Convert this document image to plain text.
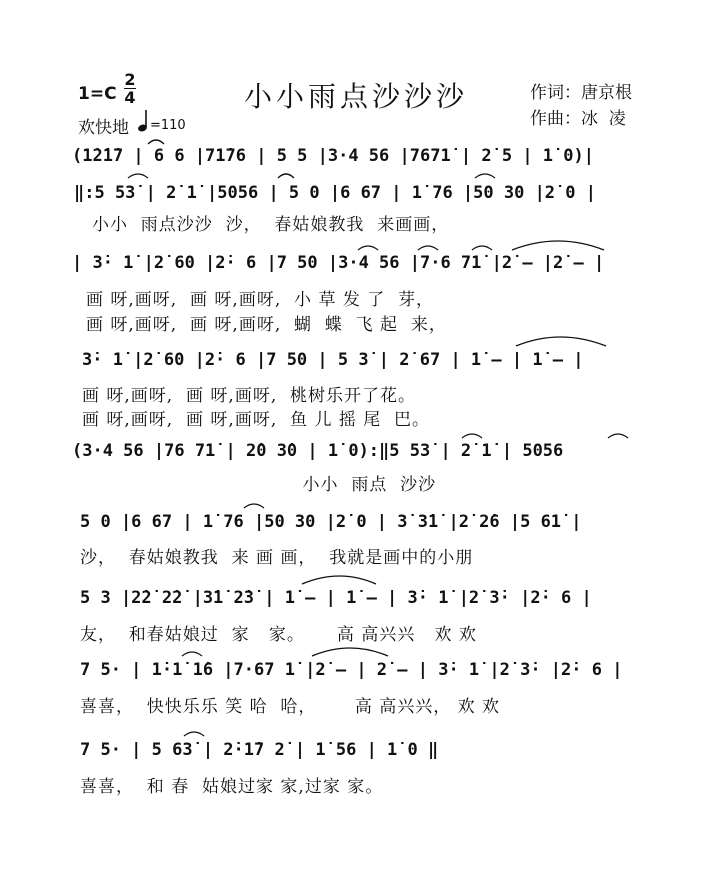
1=C
2
4
欢快地 =110
小小雨点沙沙沙	作词：唐京根
作曲：冰  凌
(1̇2̇1̇7 | 6 6 |71̇76 | 5 5 |3·4 56 |7671̇ | 2̇ 5 | 1̇ 0)|
‖:5 53̇ | 2̇ 1̇ |5056 | 5 0 |6 67 | 1̇ 76 |50 30 |2̇ 0 |
小小  雨点沙沙  沙，  春姑娘教我  来画画，
| 3̇· 1̇ |2̇ 60 |2̇· 6 |7 50 |3·4 56 |7·6 71̇ |2̇ – |2̇ – |
画 呀,画呀,  画 呀,画呀,  小 草 发 了  芽，
画 呀,画呀,  画 呀,画呀,  蝴  蝶  飞 起  来，
3̇· 1̇ |2̇ 60 |2̇· 6 |7 50 | 5 3̇ | 2̇ 67 | 1̇ – | 1̇ – |
画 呀,画呀,  画 呀,画呀,  桃树乐开了花。
画 呀,画呀,  画 呀,画呀,  鱼 儿 摇 尾  巴。
(3·4 56 |76 71̇ | 2̇0 3̇0 | 1̇ 0):‖5 53̇ | 2̇ 1̇ | 5056
小小  雨点  沙沙
5 0 |6 67 | 1̇ 76 |50 30 |2̇ 0 | 3̇ 3̇1̇ |2̇ 2̇6 |5 61̇ |
沙，  春姑娘教我  来 画 画，  我就是画中的小朋
5 3 |2̇2̇ 2̇2̇ |3̇1̇ 2̇3̇ | 1̇ – | 1̇ – | 3̇· 1̇ |2̇ 3̇· |2̇· 6 |
友，  和春姑娘过  家   家。     高 高兴兴   欢 欢
7 5· | 1̇·1̇ 1̇6 |7·67 1̇ |2̇ – | 2̇ – | 3̇· 1̇ |2̇ 3̇· |2̇· 6 |
喜喜，  快快乐乐 笑 哈  哈，      高 高兴兴， 欢 欢
7 5· | 5 63̇ | 2̇·1̇7 2̇ | 1̇ 56 | 1̇ 0 ‖
喜喜，  和 春  姑娘过家 家,过家 家。
